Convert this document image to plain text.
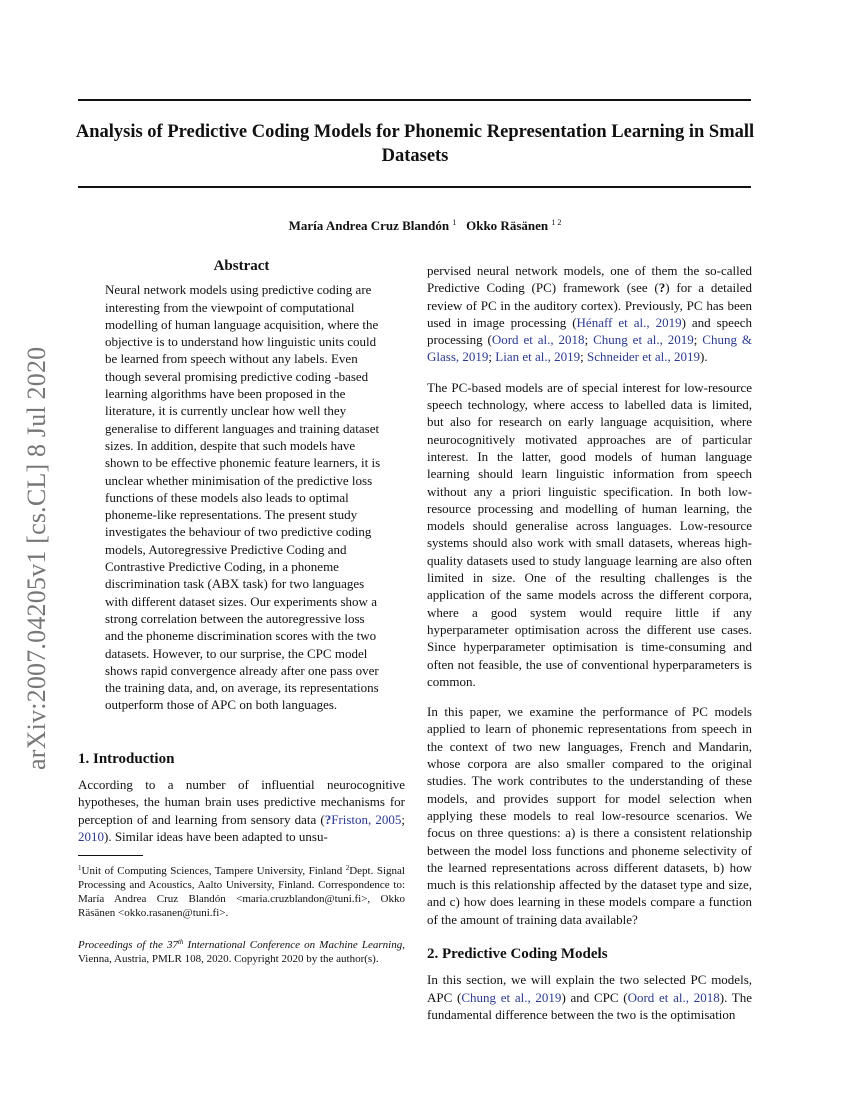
Analysis of Predictive Coding Models for Phonemic Representation Learning in Small Datasets
María Andrea Cruz Blandón $^1$ Okko Räsänen $^{1 2}$
arXiv:2007.04205v1 [cs.CL] 8 Jul 2020
Abstract
Neural network models using predictive coding are interesting from the viewpoint of computational modelling of human language acquisition, where the objective is to understand how linguistic units could be learned from speech without any labels. Even though several promising predictive coding -based learning algorithms have been proposed in the literature, it is currently unclear how well they generalise to different languages and training dataset sizes. In addition, despite that such models have shown to be effective phonemic feature learners, it is unclear whether minimisation of the predictive loss functions of these models also leads to optimal phoneme-like representations. The present study investigates the behaviour of two predictive coding models, Autoregressive Predictive Coding and Contrastive Predictive Coding, in a phoneme discrimination task (ABX task) for two languages with different dataset sizes. Our experiments show a strong correlation between the autoregressive loss and the phoneme discrimination scores with the two datasets. However, to our surprise, the CPC model shows rapid convergence already after one pass over the training data, and, on average, its representations outperform those of APC on both languages.
1. Introduction

According to a number of influential neurocognitive hypotheses, the human brain uses predictive mechanisms for perception of and learning from sensory data (?Friston, 2005; 2010). Similar ideas have been adapted to unsu-

$^1$Unit of Computing Sciences, Tampere University, Finland $^2$Dept. Signal Processing and Acoustics, Aalto University, Finland. Correspondence to: María Andrea Cruz Blandón <maria.cruzblandon@tuni.fi>, Okko Räsänen <okko.rasanen@tuni.fi>.

Proceedings of the 37th International Conference on Machine Learning, Vienna, Austria, PMLR 108, 2020. Copyright 2020 by the author(s).

pervised neural network models, one of them the so-called Predictive Coding (PC) framework (see (?) for a detailed review of PC in the auditory cortex). Previously, PC has been used in image processing (Hénaff et al., 2019) and speech processing (Oord et al., 2018; Chung et al., 2019; Chung & Glass, 2019; Lian et al., 2019; Schneider et al., 2019).

The PC-based models are of special interest for low-resource speech technology, where access to labelled data is limited, but also for research on early language acquisition, where neurocognitively motivated approaches are of particular interest. In the latter, good models of human language learning should learn linguistic information from speech without any a priori linguistic specification. In both low-resource processing and modelling of human learning, the models should generalise across languages. Low-resource systems should also work with small datasets, whereas high-quality datasets used to study language learning are also often limited in size. One of the resulting challenges is the application of the same models across the different corpora, where a good system would require little if any hyperparameter optimisation across the different use cases. Since hyperparameter optimisation is time-consuming and often not feasible, the use of conventional hyperparameters is common.

In this paper, we examine the performance of PC models applied to learn of phonemic representations from speech in the context of two new languages, French and Mandarin, whose corpora are also smaller compared to the original studies. The work contributes to the understanding of these models, and provides support for model selection when applying these models to real low-resource scenarios. We focus on three questions: a) is there a consistent relationship between the model loss functions and phoneme selectivity of the learned representations across different datasets, b) how much is this relationship affected by the dataset type and size, and c) how does learning in these models compare a function of the amount of training data available?

2. Predictive Coding Models

In this section, we will explain the two selected PC models, APC (Chung et al., 2019) and CPC (Oord et al., 2018). The fundamental difference between the two is the optimisation
